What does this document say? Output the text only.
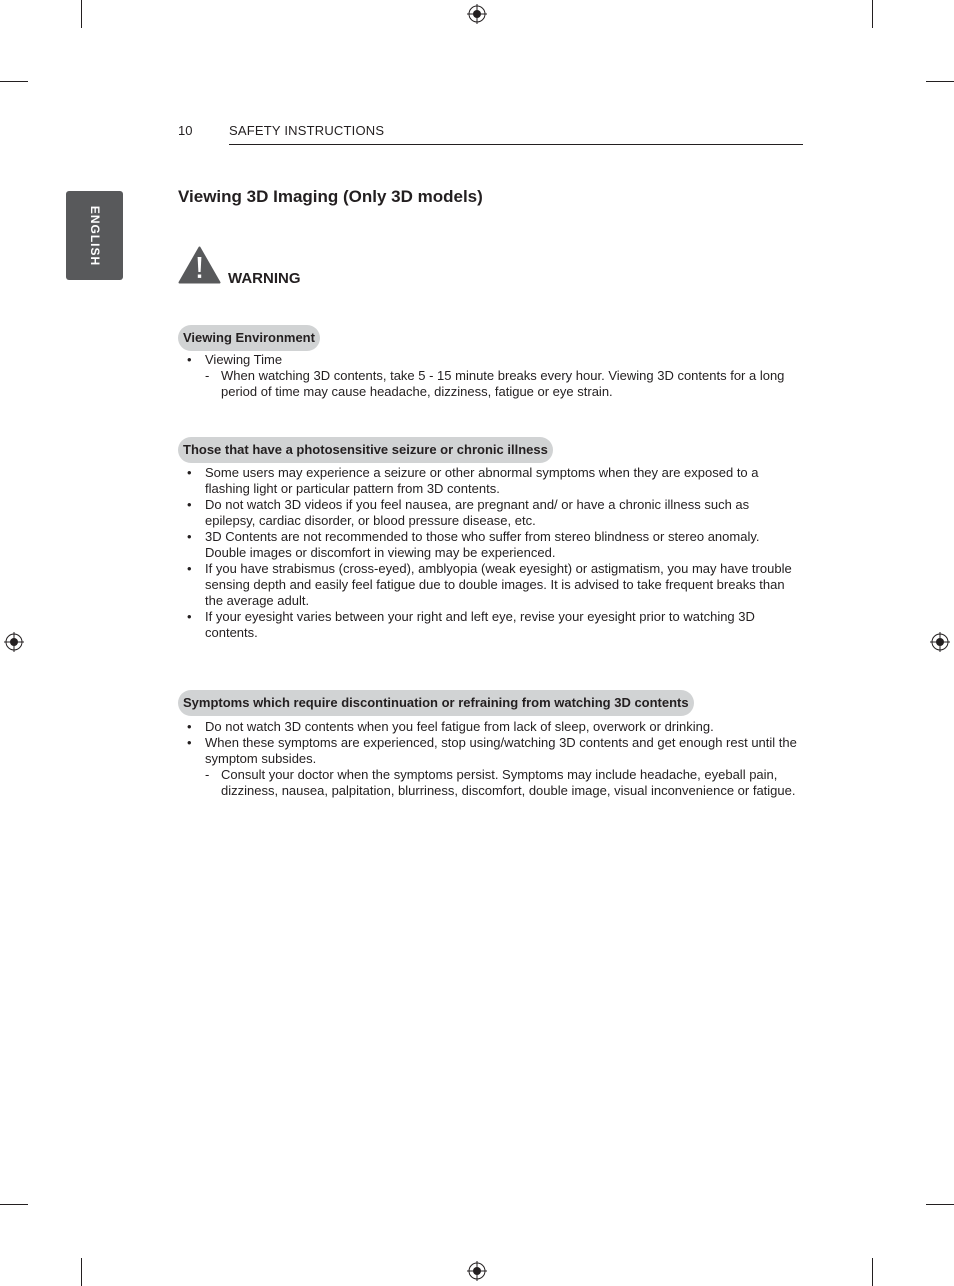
10	SAFETY INSTRUCTIONS
ENGLISH
Viewing 3D Imaging (Only 3D models)
WARNING
Viewing Environment
• Viewing Time
- When watching 3D contents, take 5 - 15 minute breaks every hour. Viewing 3D contents for a long period of time may cause headache, dizziness, fatigue or eye strain.
Those that have a photosensitive seizure or chronic illness
• Some users may experience a seizure or other abnormal symptoms when they are exposed to a flashing light or particular pattern from 3D contents.
• Do not watch 3D videos if you feel nausea, are pregnant and/ or have a chronic illness such as epilepsy, cardiac disorder, or blood pressure disease, etc.
• 3D Contents are not recommended to those who suffer from stereo blindness or stereo anomaly. Double images or discomfort in viewing may be experienced.
• If you have strabismus (cross-eyed), amblyopia (weak eyesight) or astigmatism, you may have trouble sensing depth and easily feel fatigue due to double images. It is advised to take frequent breaks than the average adult.
• If your eyesight varies between your right and left eye, revise your eyesight prior to watching 3D contents.
Symptoms which require discontinuation or refraining from watching 3D contents
• Do not watch 3D contents when you feel fatigue from lack of sleep, overwork or drinking.
• When these symptoms are experienced, stop using/watching 3D contents and get enough rest until the symptom subsides.
- Consult your doctor when the symptoms persist. Symptoms may include headache, eyeball pain, dizziness, nausea, palpitation, blurriness, discomfort, double image, visual inconvenience or fatigue.
